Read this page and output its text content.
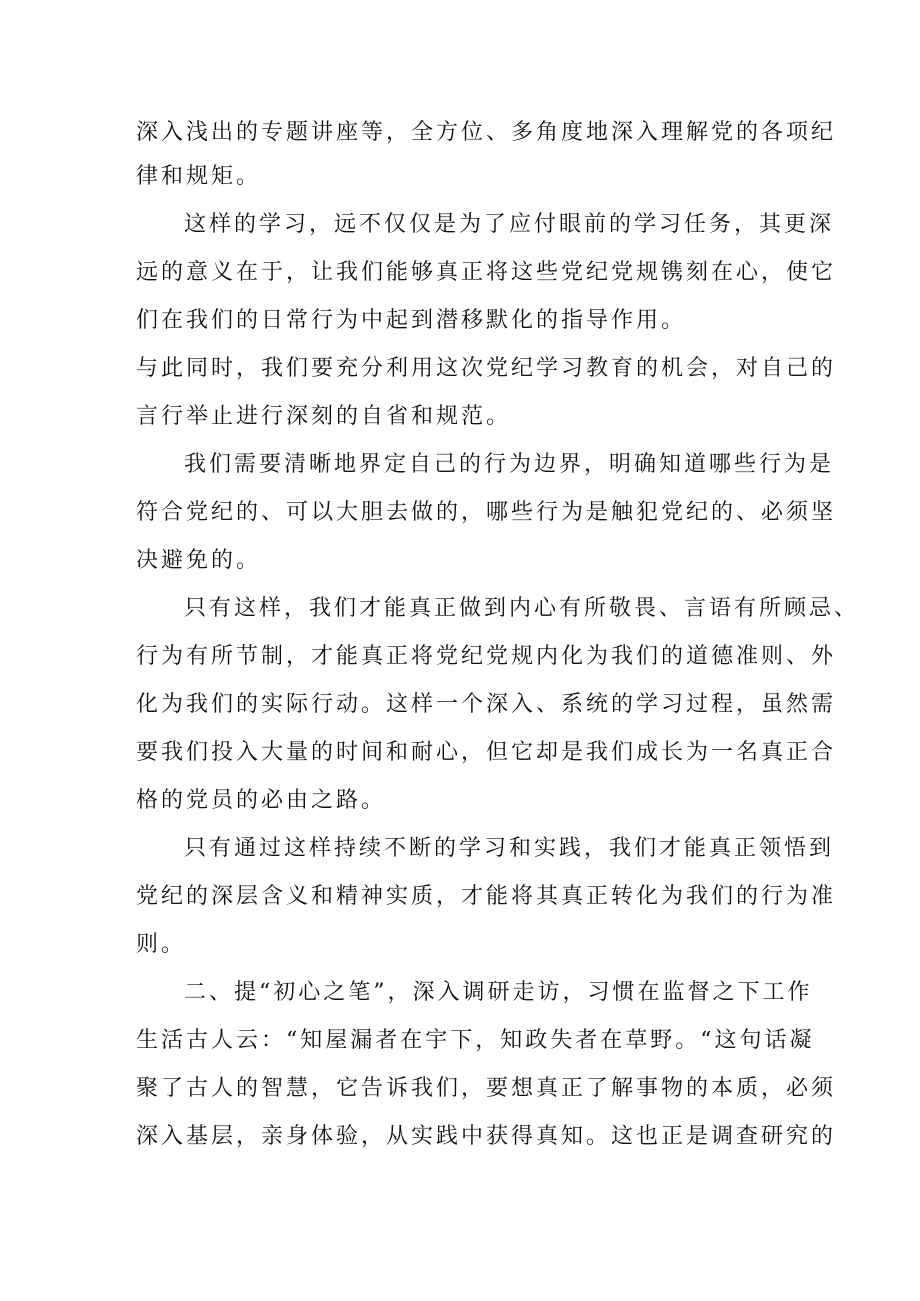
深入浅出的专题讲座等，全方位、多角度地深入理解党的各项纪

律和规矩。

这样的学习，远不仅仅是为了应付眼前的学习任务，其更深

远的意义在于，让我们能够真正将这些党纪党规镌刻在心，使它

们在我们的日常行为中起到潜移默化的指导作用。

与此同时，我们要充分利用这次党纪学习教育的机会，对自己的

言行举止进行深刻的自省和规范。

我们需要清晰地界定自己的行为边界，明确知道哪些行为是

符合党纪的、可以大胆去做的，哪些行为是触犯党纪的、必须坚

决避免的。

只有这样，我们才能真正做到内心有所敬畏、言语有所顾忌、

行为有所节制，才能真正将党纪党规内化为我们的道德准则、外

化为我们的实际行动。这样一个深入、系统的学习过程，虽然需

要我们投入大量的时间和耐心，但它却是我们成长为一名真正合

格的党员的必由之路。

只有通过这样持续不断的学习和实践，我们才能真正领悟到

党纪的深层含义和精神实质，才能将其真正转化为我们的行为准

则。

二、提“初心之笔”，深入调研走访，习惯在监督之下工作

生活古人云：“知屋漏者在宇下，知政失者在草野。“这句话凝

聚了古人的智慧，它告诉我们，要想真正了解事物的本质，必须

深入基层，亲身体验，从实践中获得真知。这也正是调查研究的
